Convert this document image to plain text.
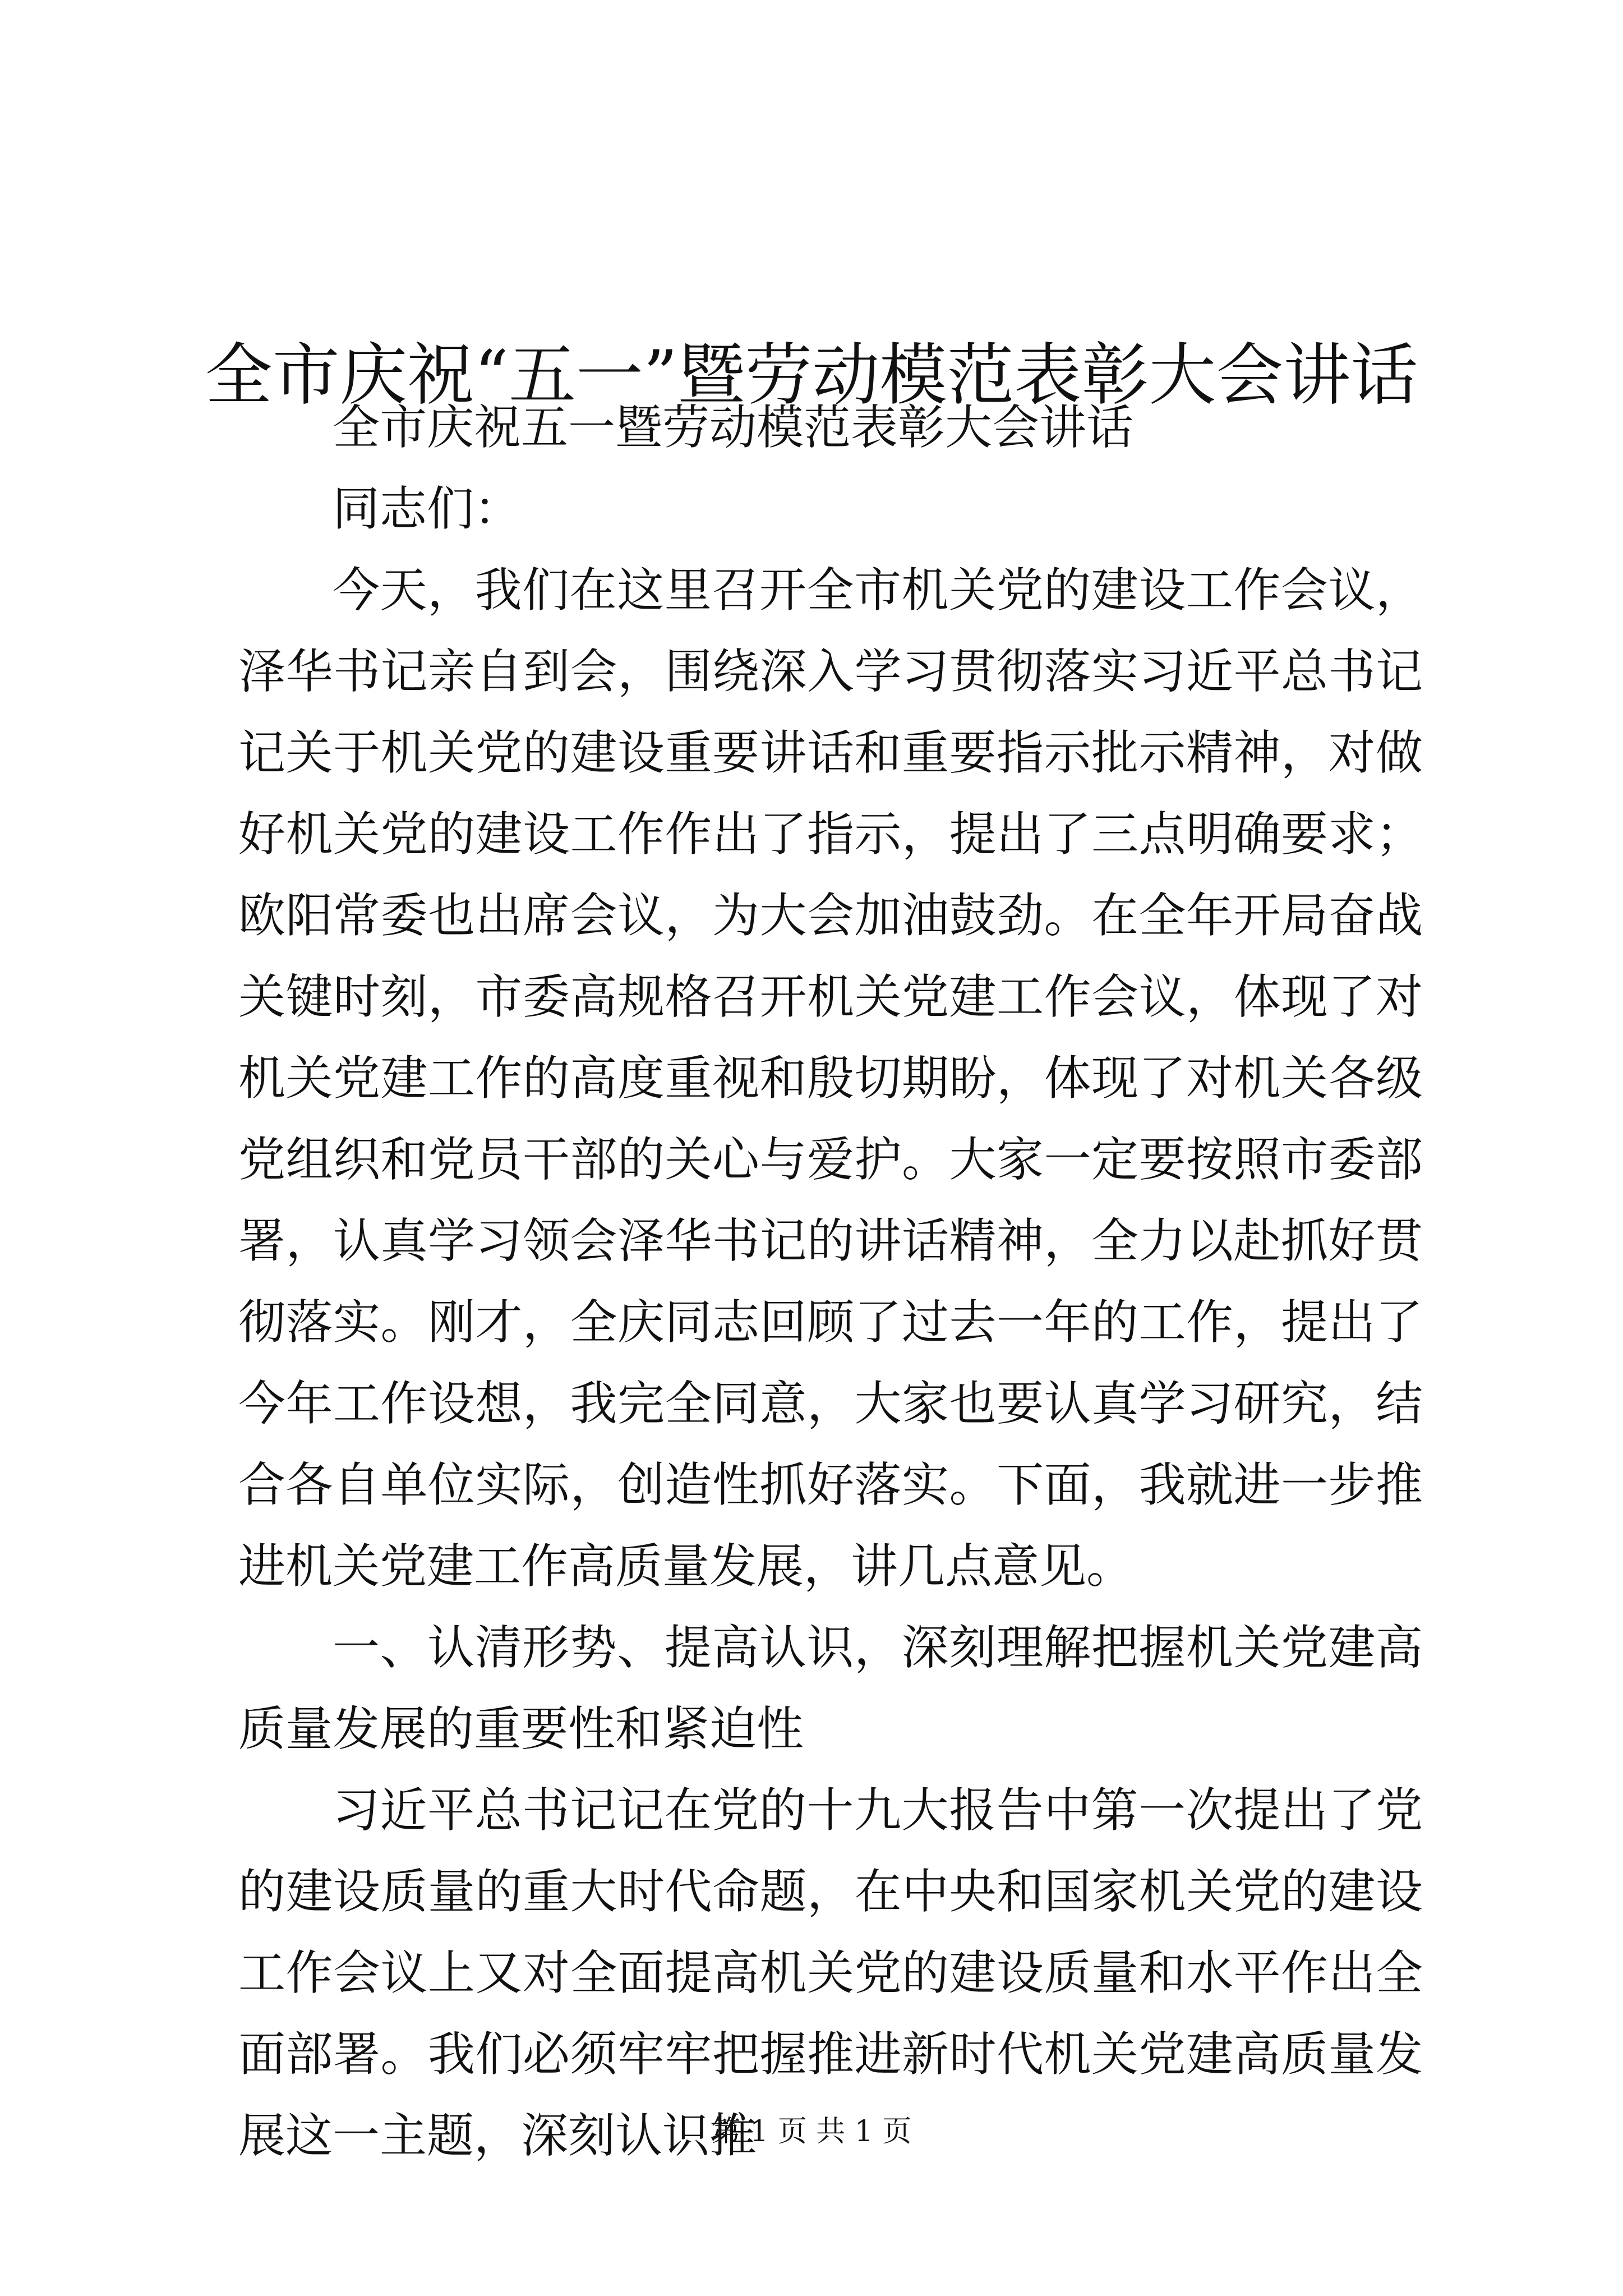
全市庆祝“五一”暨劳动模范表彰大会讲话

全市庆祝五一暨劳动模范表彰大会讲话

同志们：

今天，我们在这里召开全市机关党的建设工作会议，泽华书记亲自到会，围绕深入学习贯彻落实习近平总书记记关于机关党的建设重要讲话和重要指示批示精神，对做好机关党的建设工作作出了指示，提出了三点明确要求；欧阳常委也出席会议，为大会加油鼓劲。在全年开局奋战关键时刻，市委高规格召开机关党建工作会议，体现了对机关党建工作的高度重视和殷切期盼，体现了对机关各级党组织和党员干部的关心与爱护。大家一定要按照市委部署，认真学习领会泽华书记的讲话精神，全力以赴抓好贯彻落实。刚才，全庆同志回顾了过去一年的工作，提出了今年工作设想，我完全同意，大家也要认真学习研究，结合各自单位实际，创造性抓好落实。下面，我就进一步推进机关党建工作高质量发展，讲几点意见。

一、认清形势、提高认识，深刻理解把握机关党建高质量发展的重要性和紧迫性

习近平总书记记在党的十九大报告中第一次提出了党的建设质量的重大时代命题，在中央和国家机关党的建设工作会议上又对全面提高机关党的建设质量和水平作出全面部署。我们必须牢牢把握推进新时代机关党建高质量发展这一主题，深刻认识推

第 1 页 共 1 页
